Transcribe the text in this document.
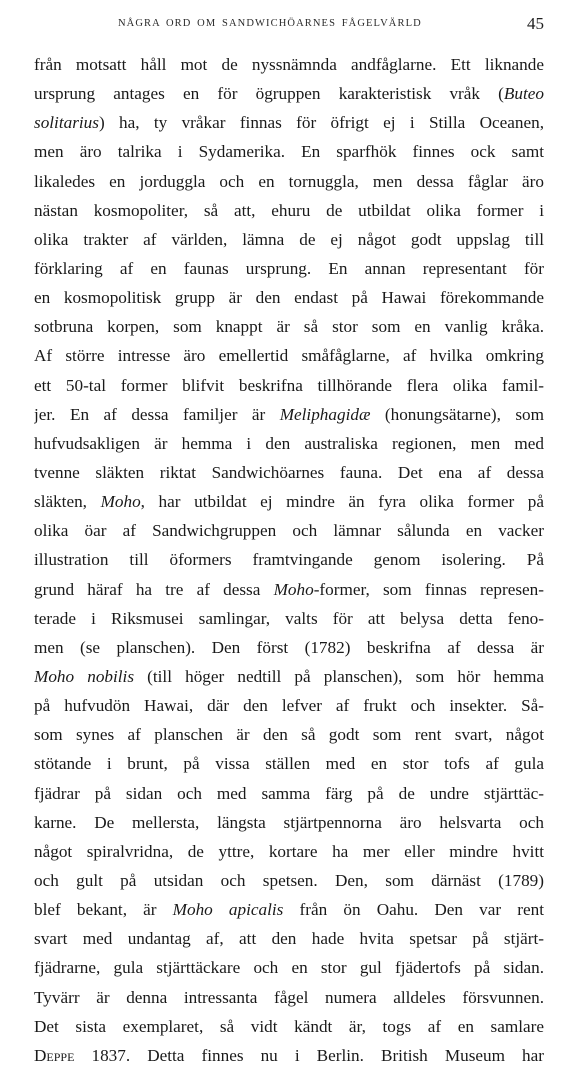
NÅGRA ORD OM SANDWICHÖARNES FÅGELVÄRLD	45
från motsatt håll mot de nyssnämnda andfåglarne. Ett liknande
ursprung antages en för ögruppen karakteristisk vråk (Buteo
solitarius) ha, ty vråkar finnas för öfrigt ej i Stilla Oceanen,
men äro talrika i Sydamerika. En sparfhök finnes ock samt
likaledes en jorduggla och en tornuggla, men dessa fåglar äro
nästan kosmopoliter, så att, ehuru de utbildat olika former i
olika trakter af världen, lämna de ej något godt uppslag till
förklaring af en faunas ursprung. En annan representant för
en kosmopolitisk grupp är den endast på Hawai förekommande
sotbruna korpen, som knappt är så stor som en vanlig kråka.
Af större intresse äro emellertid småfåglarne, af hvilka omkring
ett 50-tal former blifvit beskrifna tillhörande flera olika famil-
jer. En af dessa familjer är Meliphagidæ (honungsätarne), som
hufvudsakligen är hemma i den australiska regionen, men med
tvenne släkten riktat Sandwichöarnes fauna. Det ena af dessa
släkten, Moho, har utbildat ej mindre än fyra olika former på
olika öar af Sandwichgruppen och lämnar sålunda en vacker
illustration till öformers framtvingande genom isolering. På
grund häraf ha tre af dessa Moho-former, som finnas represen-
terade i Riksmusei samlingar, valts för att belysa detta feno-
men (se planschen). Den först (1782) beskrifna af dessa är
Moho nobilis (till höger nedtill på planschen), som hör hemma
på hufvudön Hawai, där den lefver af frukt och insekter. Så-
som synes af planschen är den så godt som rent svart, något
stötande i brunt, på vissa ställen med en stor tofs af gula
fjädrar på sidan och med samma färg på de undre stjärttäc-
karne. De mellersta, längsta stjärtpennorna äro helsvarta och
något spiralvridna, de yttre, kortare ha mer eller mindre hvitt
och gult på utsidan och spetsen. Den, som därnäst (1789)
blef bekant, är Moho apicalis från ön Oahu. Den var rent
svart med undantag af, att den hade hvita spetsar på stjärt-
fjädrarne, gula stjärttäckare och en stor gul fjädertofs på sidan.
Tyvärr är denna intressanta fågel numera alldeles försvunnen.
Det sista exemplaret, så vidt kändt är, togs af en samlare
Deppe 1837. Detta finnes nu i Berlin. British Museum har
